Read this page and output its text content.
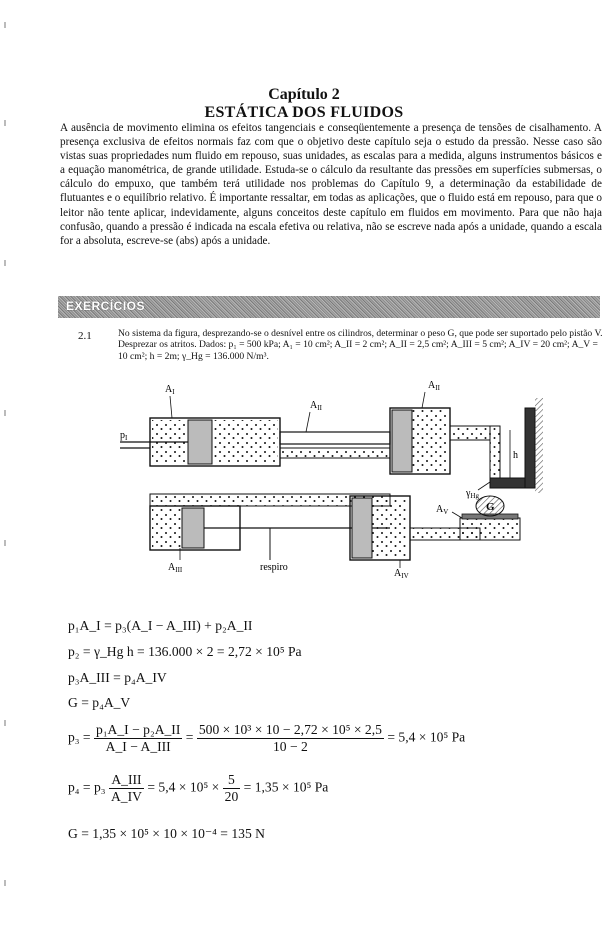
Capítulo 2
ESTÁTICA DOS FLUIDOS
A ausência de movimento elimina os efeitos tangenciais e conseqüentemente a presença de tensões de cisalhamento. A presença exclusiva de efeitos normais faz com que o objetivo deste capítulo seja o estudo da pressão. Nesse caso são vistas suas propriedades num fluido em repouso, suas unidades, as escalas para a medida, alguns instrumentos básicos e a equação manométrica, de grande utilidade. Estuda-se o cálculo da resultante das pressões em superfícies submersas, o cálculo do empuxo, que também terá utilidade nos problemas do Capítulo 9, a determinação da estabilidade de flutuantes e o equilíbrio relativo. É importante ressaltar, em todas as aplicações, que o fluido está em repouso, para que o leitor não tente aplicar, indevidamente, alguns conceitos deste capítulo em fluidos em movimento. Para que não haja confusão, quando a pressão é indicada na escala efetiva ou relativa, não se escreve nada após a unidade, quando a escala for a absoluta, escreve-se (abs) após a unidade.
EXERCÍCIOS
2.1	No sistema da figura, desprezando-se o desnível entre os cilindros, determinar o peso G, que pode ser suportado pelo pistão V. Desprezar os atritos. Dados: p₁ = 500 kPa; A₁ = 10 cm²; A_II = 2 cm²; A_II = 2,5 cm²; A_III = 5 cm²; A_IV = 20 cm²; A_V = 10 cm²; h = 2m; γ_Hg = 136.000 N/m³.
$A_I$
$A_{II}$
$A_{II}$
$p_I$
h
$\gamma_{Hg}$
G
$A_V$
$A_{III}$	respiro
$A_{IV}$
p₁A_I = p₃(A_I − A_III) + p₂A_II
p₂ = γ_Hg h = 136.000 × 2 = 2,72 × 10⁵ Pa
p₃A_III = p₄A_IV
G = p₄A_V
$p_3 = \frac{\text{p₁A\_I − p₂A\_II}}{\text{A\_I − A\_III}} = \frac{\text{500 × 10³ × 10 − 2,72 × 10⁵ × 2,5}}{10 - 2} = 5,4 \times 10^5$ Pa
$p_4 = p_3 \frac{\text{A\_III}}{A\_IV} = 5,4 \times 10^5 \times \frac{5}{20} = 1,35 \times 10^5$ Pa
G = 1,35 × 10⁵ × 10 × 10⁻⁴ = 135 N
